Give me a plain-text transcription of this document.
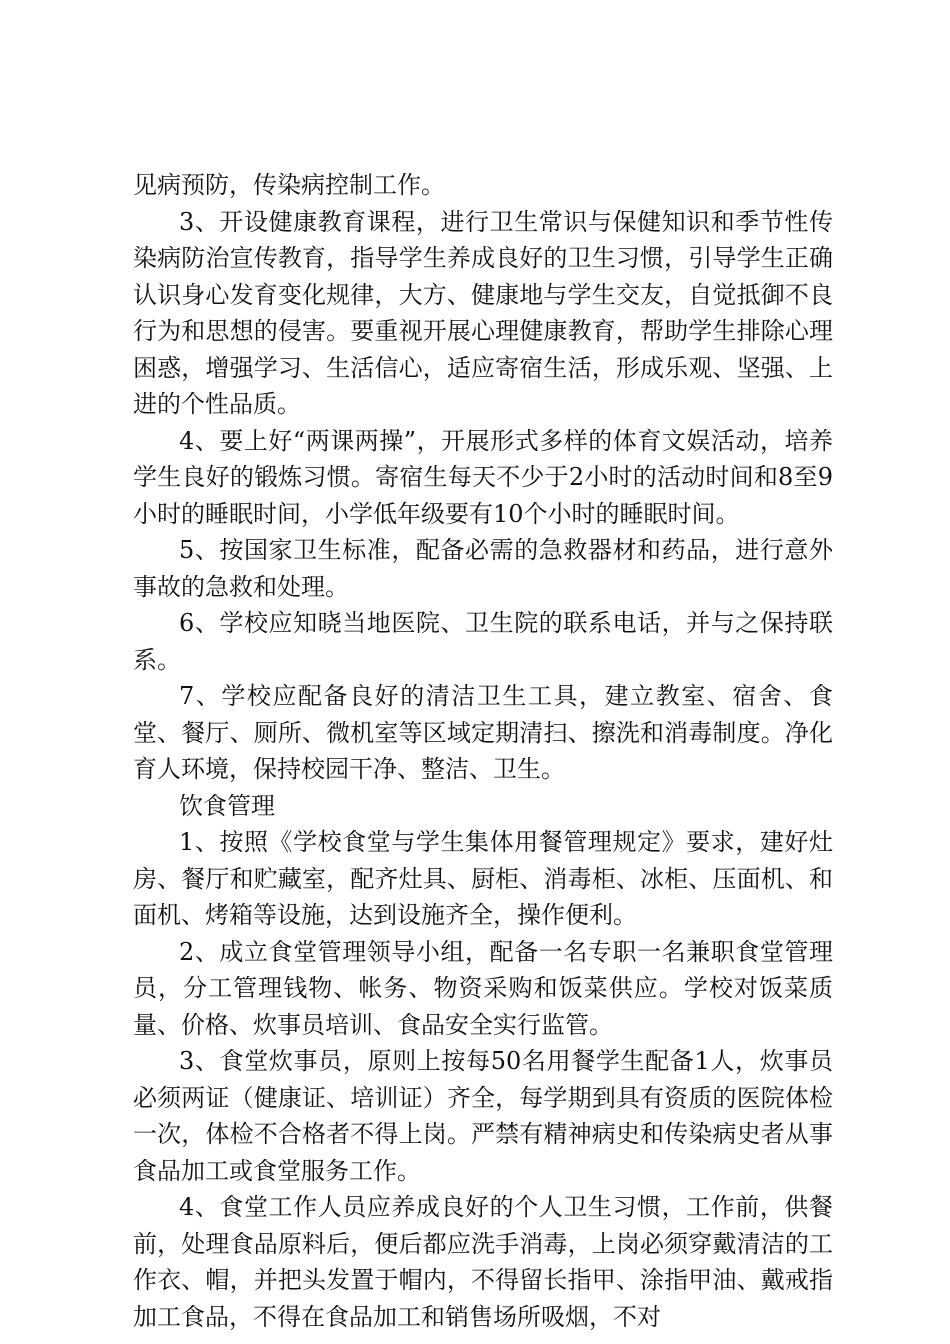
见病预防，传染病控制工作。

3、开设健康教育课程，进行卫生常识与保健知识和季节性传染病防治宣传教育，指导学生养成良好的卫生习惯，引导学生正确认识身心发育变化规律，大方、健康地与学生交友，自觉抵御不良行为和思想的侵害。要重视开展心理健康教育，帮助学生排除心理困惑，增强学习、生活信心，适应寄宿生活，形成乐观、坚强、上进的个性品质。

4、要上好“两课两操”，开展形式多样的体育文娱活动，培养学生良好的锻炼习惯。寄宿生每天不少于2小时的活动时间和8至9小时的睡眠时间，小学低年级要有10个小时的睡眠时间。

5、按国家卫生标准，配备必需的急救器材和药品，进行意外事故的急救和处理。

6、学校应知晓当地医院、卫生院的联系电话，并与之保持联系。

7、学校应配备良好的清洁卫生工具，建立教室、宿舍、食堂、餐厅、厕所、微机室等区域定期清扫、擦洗和消毒制度。净化育人环境，保持校园干净、整洁、卫生。

饮食管理

1、按照《学校食堂与学生集体用餐管理规定》要求，建好灶房、餐厅和贮藏室，配齐灶具、厨柜、消毒柜、冰柜、压面机、和面机、烤箱等设施，达到设施齐全，操作便利。

2、成立食堂管理领导小组，配备一名专职一名兼职食堂管理员，分工管理钱物、帐务、物资采购和饭菜供应。学校对饭菜质量、价格、炊事员培训、食品安全实行监管。

3、食堂炊事员，原则上按每50名用餐学生配备1人，炊事员必须两证（健康证、培训证）齐全，每学期到具有资质的医院体检一次，体检不合格者不得上岗。严禁有精神病史和传染病史者从事食品加工或食堂服务工作。

4、食堂工作人员应养成良好的个人卫生习惯，工作前，供餐前，处理食品原料后，便后都应洗手消毒，上岗必须穿戴清洁的工作衣、帽，并把头发置于帽内，不得留长指甲、涂指甲油、戴戒指加工食品，不得在食品加工和销售场所吸烟，不对
